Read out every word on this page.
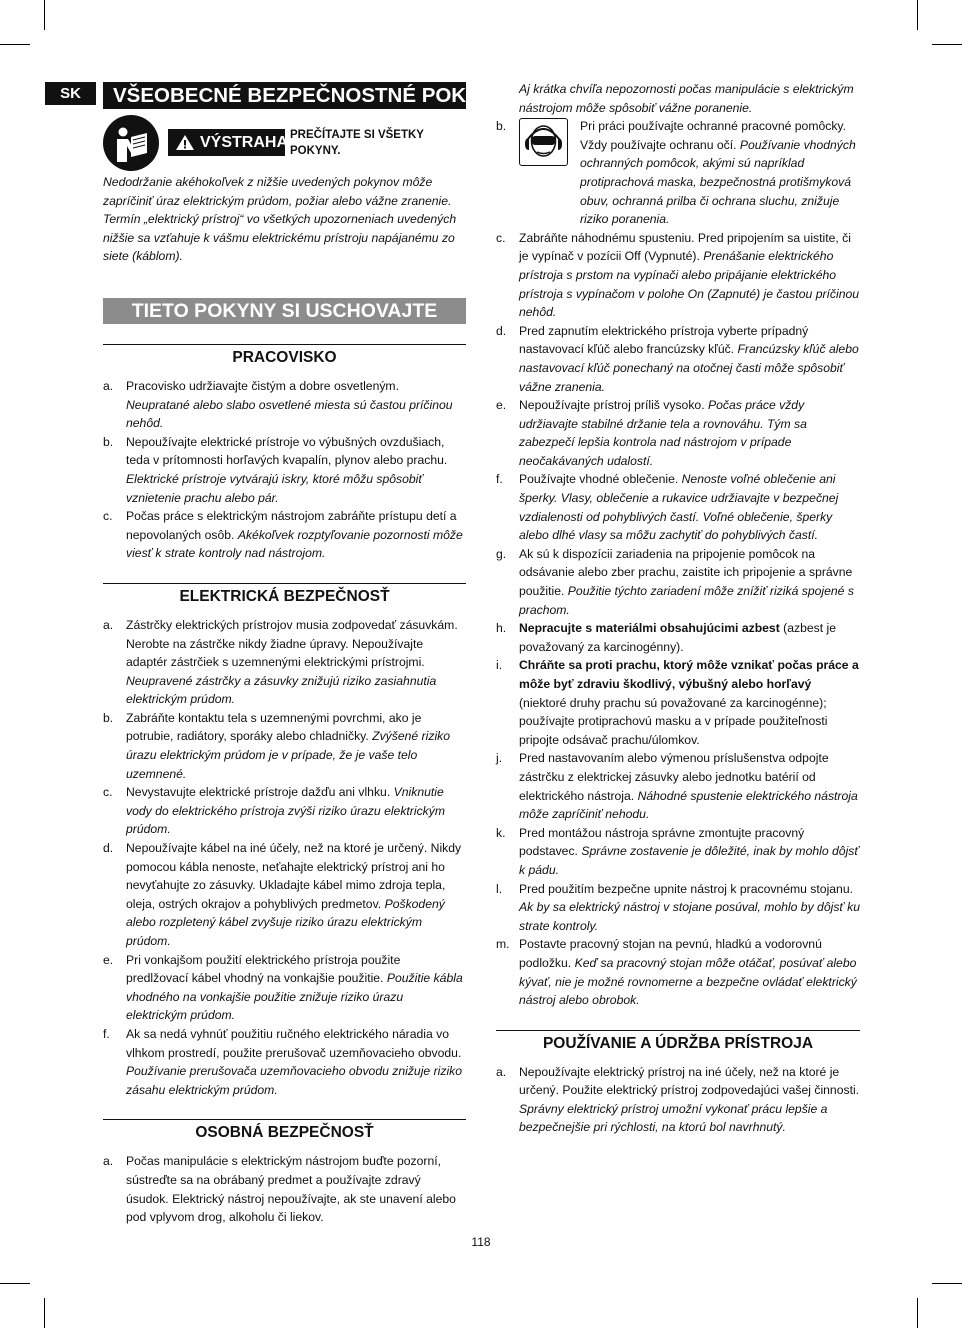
SK	VŠEOBECNÉ BEZPEČNOSTNÉ POKYNY
VÝSTRAHA PREČÍTAJTE SI VŠETKY POKYNY.
Nedodržanie akéhokoľvek z nižšie uvedených pokynov môže zapríčiniť úraz elektrickým prúdom, požiar alebo vážne zranenie. Termín „elektrický prístroj“ vo všetkých upozorneniach uvedených nižšie sa vzťahuje k vášmu elektrickému prístroju napájanému zo siete (káblom).
TIETO POKYNY SI USCHOVAJTE
PRACOVISKO
a. Pracovisko udržiavajte čistým a dobre osvetleným.
Neupratané alebo slabo osvetlené miesta sú častou príčinou nehôd.
b. Nepoužívajte elektrické prístroje vo výbušných ovzdušiach, teda v prítomnosti horľavých kvapalín, plynov alebo prachu. Elektrické prístroje vytvárajú iskry, ktoré môžu spôsobiť vznietenie prachu alebo pár.
c. Počas práce s elektrickým nástrojom zabráňte prístupu detí a nepovolaných osôb. Akékoľvek rozptyľovanie pozornosti môže viesť k strate kontroly nad nástrojom.
ELEKTRICKÁ BEZPEČNOSŤ
a. Zástrčky elektrických prístrojov musia zodpovedať zásuvkám. Nerobte na zástrčke nikdy žiadne úpravy. Nepoužívajte adaptér zástrčiek s uzemnenými elektrickými prístrojmi. Neupravené zástrčky a zásuvky znižujú riziko zasiahnutia elektrickým prúdom.
b. Zabráňte kontaktu tela s uzemnenými povrchmi, ako je potrubie, radiátory, sporáky alebo chladničky. Zvýšené riziko úrazu elektrickým prúdom je v prípade, že je vaše telo uzemnené.
c. Nevystavujte elektrické prístroje dažďu ani vlhku. Vniknutie vody do elektrického prístroja zvýši riziko úrazu elektrickým prúdom.
d. Nepoužívajte kábel na iné účely, než na ktoré je určený. Nikdy pomocou kábla nenoste, neťahajte elektrický prístroj ani ho nevyťahujte zo zásuvky. Ukladajte kábel mimo zdroja tepla, oleja, ostrých okrajov a pohyblivých predmetov. Poškodený alebo rozpletený kábel zvyšuje riziko úrazu elektrickým prúdom.
e. Pri vonkajšom použití elektrického prístroja použite predlžovací kábel vhodný na vonkajšie použitie. Použitie kábla vhodného na vonkajšie použitie znižuje riziko úrazu elektrickým prúdom.
f. Ak sa nedá vyhnúť použitiu ručného elektrického náradia vo vlhkom prostredí, použite prerušovač uzemňovacieho obvodu. Používanie prerušovača uzemňovacieho obvodu znižuje riziko zásahu elektrickým prúdom.
OSOBNÁ BEZPEČNOSŤ
a. Počas manipulácie s elektrickým nástrojom buďte pozorní, sústreďte sa na obrábaný predmet a používajte zdravý úsudok. Elektrický nástroj nepoužívajte, ak ste unavení alebo pod vplyvom drog, alkoholu či liekov.
Aj krátka chvíľa nepozornosti počas manipulácie s elektrickým nástrojom môže spôsobiť vážne poranenie.
b.	Pri práci používajte ochranné pracovné pomôcky. Vždy používajte ochranu očí. Používanie vhodných ochranných pomôcok, akými sú napríklad protiprachová maska, bezpečnostná protišmyková obuv, ochranná prilba či ochrana sluchu, znižuje riziko poranenia.
c. Zabráňte náhodnému spusteniu. Pred pripojením sa uistite, či je vypínač v pozícii Off (Vypnuté). Prenášanie elektrického prístroja s prstom na vypínači alebo pripájanie elektrického prístroja s vypínačom v polohe On (Zapnuté) je častou príčinou nehôd.
d. Pred zapnutím elektrického prístroja vyberte prípadný nastavovací kľúč alebo francúzsky kľúč. Francúzsky kľúč alebo nastavovací kľúč ponechaný na otočnej časti môže spôsobiť vážne zranenia.
e. Nepoužívajte prístroj príliš vysoko. Počas práce vždy udržiavajte stabilné držanie tela a rovnováhu. Tým sa zabezpečí lepšia kontrola nad nástrojom v prípade neočakávaných udalostí.
f. Používajte vhodné oblečenie. Nenoste voľné oblečenie ani šperky. Vlasy, oblečenie a rukavice udržiavajte v bezpečnej vzdialenosti od pohyblivých častí. Voľné oblečenie, šperky alebo dlhé vlasy sa môžu zachytiť do pohyblivých častí.
g. Ak sú k dispozícii zariadenia na pripojenie pomôcok na odsávanie alebo zber prachu, zaistite ich pripojenie a správne použitie. Použitie týchto zariadení môže znížiť riziká spojené s prachom.
h. Nepracujte s materiálmi obsahujúcimi azbest (azbest je považovaný za karcinogénny).
i. Chráňte sa proti prachu, ktorý môže vznikať počas práce a môže byť zdraviu škodlivý, výbušný alebo horľavý (niektoré druhy prachu sú považované za karcinogénne); používajte protiprachovú masku a v prípade použiteľnosti pripojte odsávač prachu/úlomkov.
j. Pred nastavovaním alebo výmenou príslušenstva odpojte zástrčku z elektrickej zásuvky alebo jednotku batérií od elektrického nástroja. Náhodné spustenie elektrického nástroja môže zapríčiniť nehodu.
k. Pred montážou nástroja správne zmontujte pracovný podstavec. Správne zostavenie je dôležité, inak by mohlo dôjsť k pádu.
l. Pred použitím bezpečne upnite nástroj k pracovnému stojanu. Ak by sa elektrický nástroj v stojane posúval, mohlo by dôjsť ku strate kontroly.
m. Postavte pracovný stojan na pevnú, hladkú a vodorovnú podložku. Keď sa pracovný stojan môže otáčať, posúvať alebo kývať, nie je možné rovnomerne a bezpečne ovládať elektrický nástroj alebo obrobok.
POUŽÍVANIE A ÚDRŽBA PRÍSTROJA
a. Nepoužívajte elektrický prístroj na iné účely, než na ktoré je určený. Použite elektrický prístroj zodpovedajúci vašej činnosti. Správny elektrický prístroj umožní vykonať prácu lepšie a bezpečnejšie pri rýchlosti, na ktorú bol navrhnutý.
118
